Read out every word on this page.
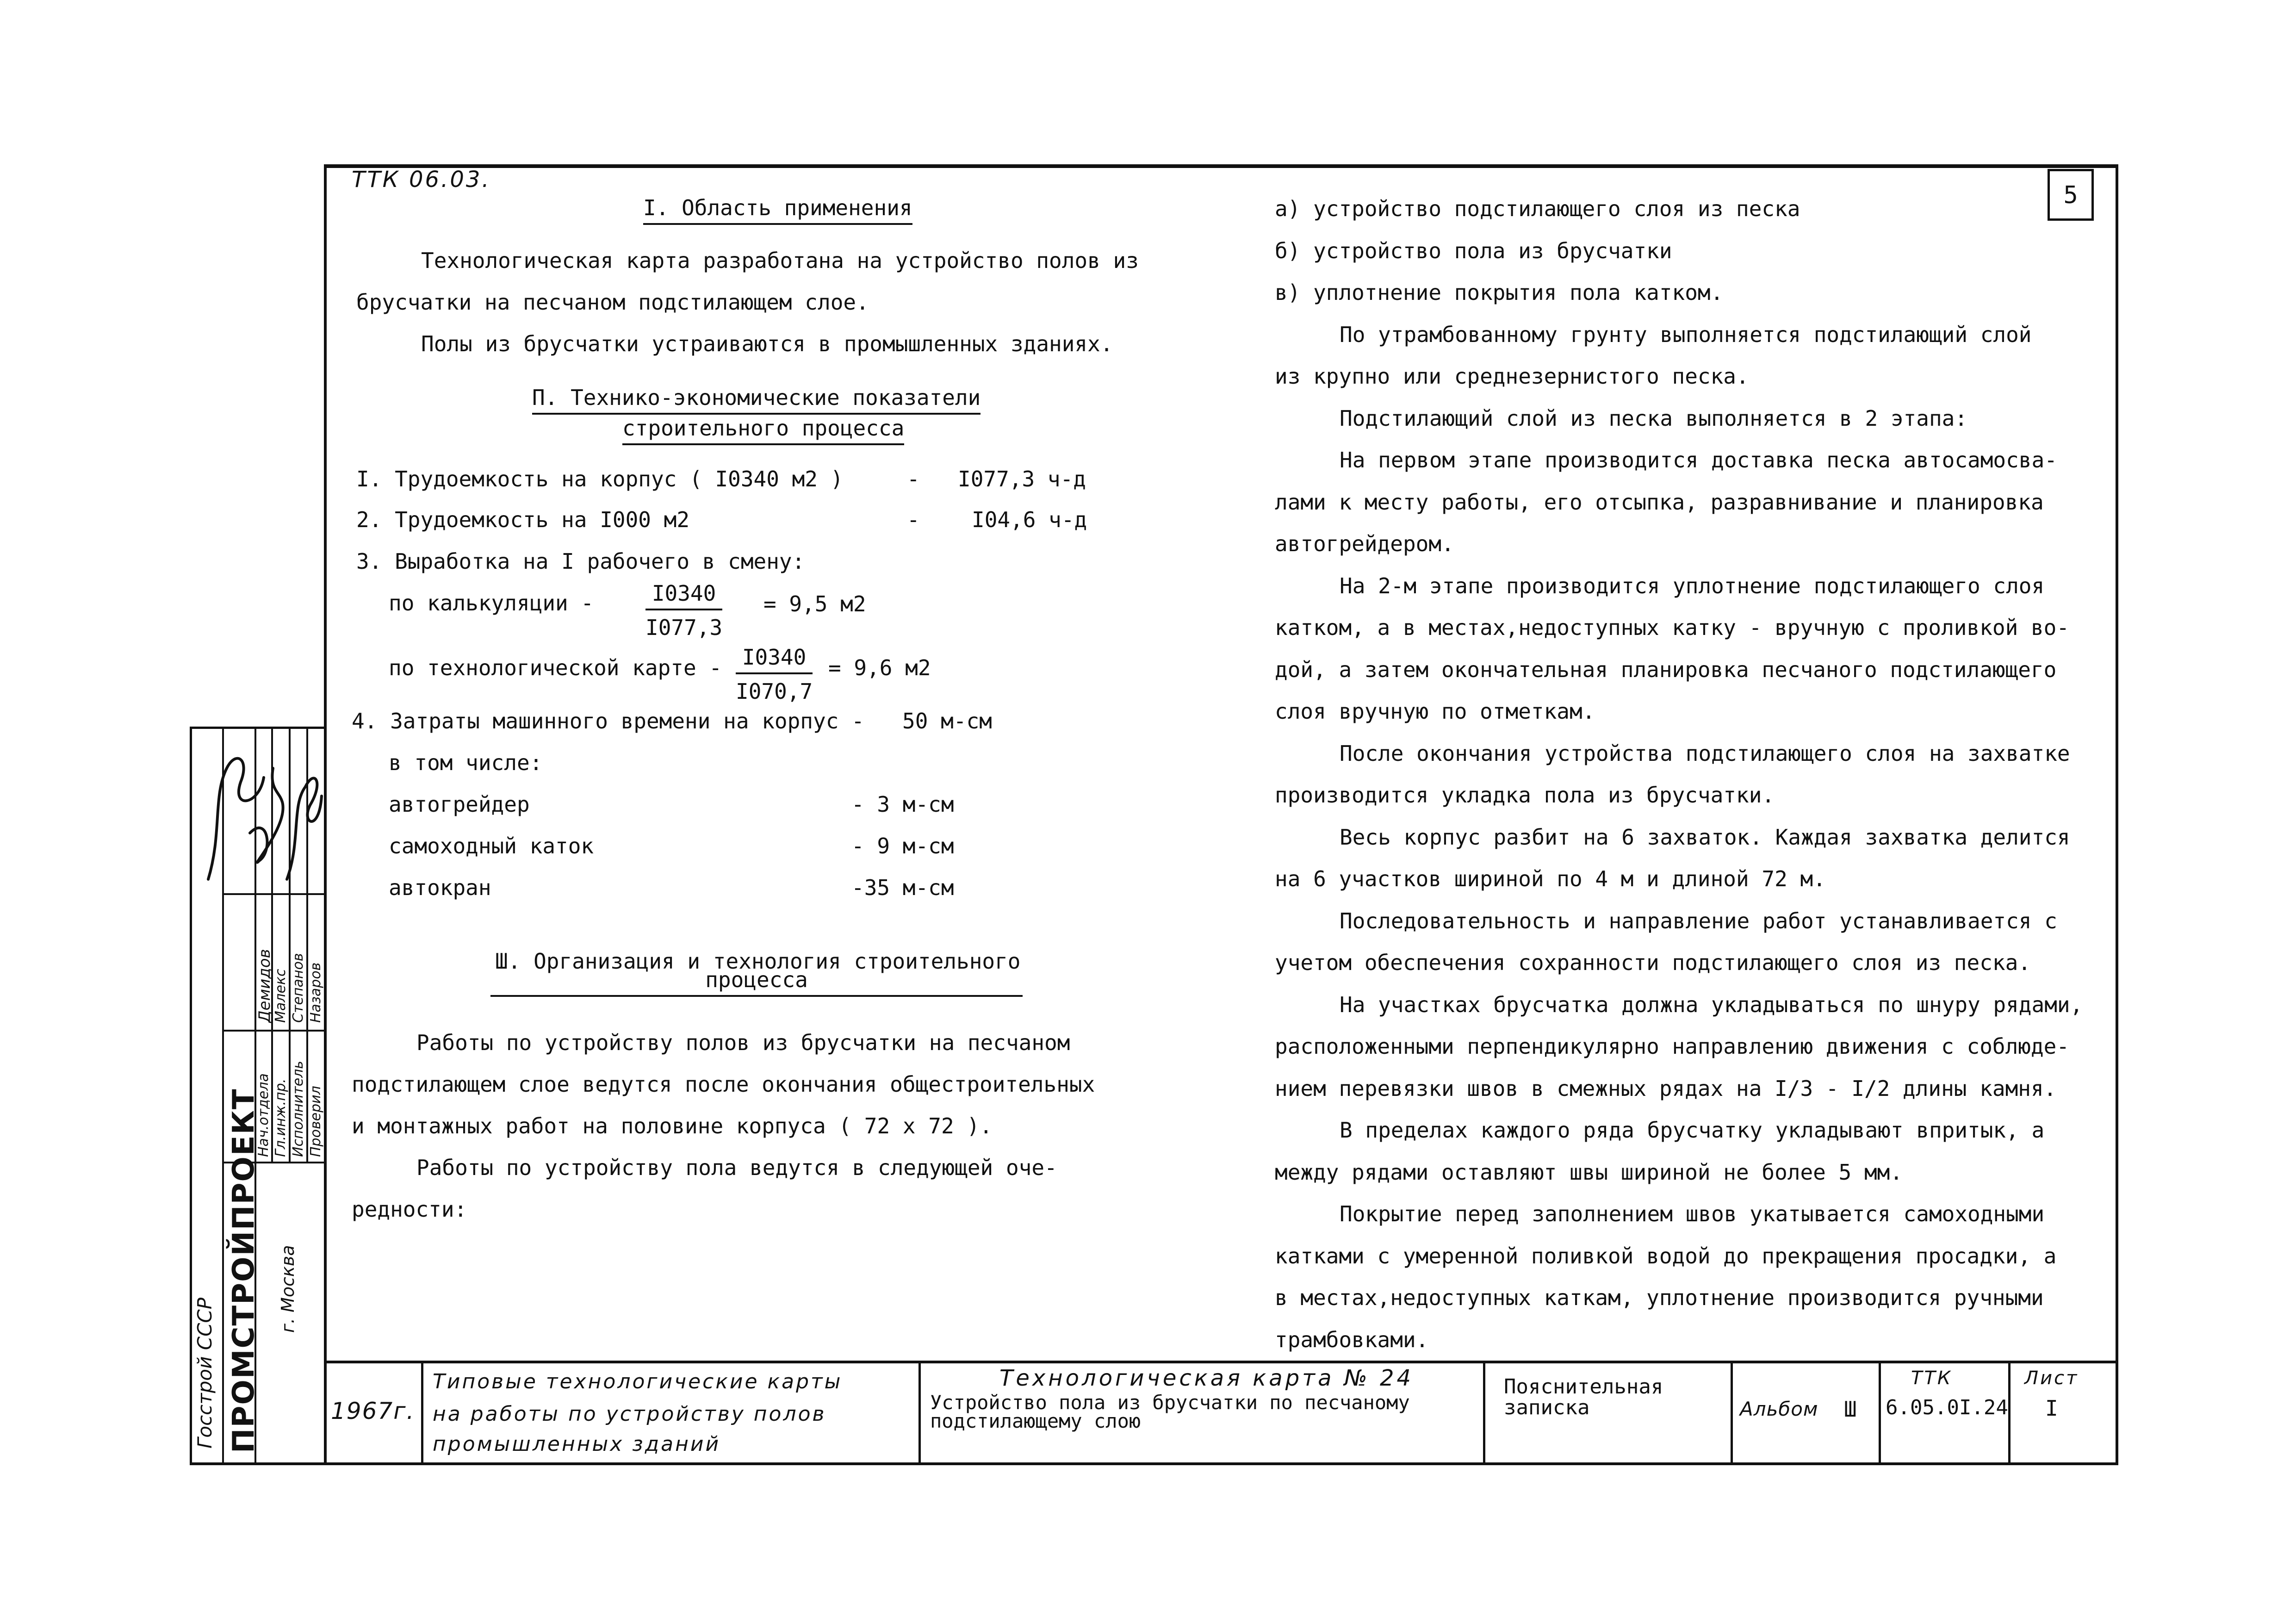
ТТК 06.03.
5
I. Область применения
Технологическая карта разработана на устройство полов из
брусчатки на песчаном подстилающем слое.
Полы из брусчатки устраиваются в промышленных зданиях.
П. Технико-экономические показатели
строительного процесса
I. Трудоемкость на корпус ( I0340 м2 )	- I077,3 ч-д
2. Трудоемкость на I000 м2	- I04,6 ч-д
3. Выработка на I рабочего в смену:
по калькуляции - $\frac{I0340}{I077,3} = 9,5$ м2
по технологической карте - $\frac{I0340}{I070,7} = 9,6$ м2
4. Затраты машинного времени на корпус - 50 м-см
в том числе:
автогрейдер	- 3 м-см
самоходный каток	- 9 м-см
автокран	-35 м-см
Ш. Организация и технология строительного
процесса
Работы по устройству полов из брусчатки на песчаном
подстилающем слое ведутся после окончания общестроительных
и монтажных работ на половине корпуса ( 72 х 72 ).
Работы по устройству пола ведутся в следующей оче-
редности:
а) устройство подстилающего слоя из песка
б) устройство пола из брусчатки
в) уплотнение покрытия пола катком.
По утрамбованному грунту выполняется подстилающий слой
из крупно или среднезернистого песка.
Подстилающий слой из песка выполняется в 2 этапа:
На первом этапе производится доставка песка автосамосва-
лами к месту работы, его отсыпка, разравнивание и планировка
автогрейдером.
На 2-м этапе производится уплотнение подстилающего слоя
катком, а в местах,недоступных катку - вручную с проливкой во-
дой, а затем окончательная планировка песчаного подстилающего
слоя вручную по отметкам.
После окончания устройства подстилающего слоя на захватке
производится укладка пола из брусчатки.
Весь корпус разбит на 6 захваток. Каждая захватка делится
на 6 участков шириной по 4 м и длиной 72 м.
Последовательность и направление работ устанавливается с
учетом обеспечения сохранности подстилающего слоя из песка.
На участках брусчатка должна укладываться по шнуру рядами,
расположенными перпендикулярно направлению движения с соблюде-
нием перевязки швов в смежных рядах на I/3 - I/2 длины камня.
В пределах каждого ряда брусчатку укладывают впритык, а
между рядами оставляют швы шириной не более 5 мм.
Покрытие перед заполнением швов укатывается самоходными
катками с умеренной поливкой водой до прекращения просадки, а
в местах,недоступных каткам, уплотнение производится ручными
трамбовками.
Госстрой СССР ПРОМСТРОЙПРОЕКТ г. Москва
Нач.отдела Гл.инж.пр. Исполнитель Проверил
Демидов
Малекс Степанов Назаров
1967г.
Типовые технологические карты
на работы по устройству полов
промышленных зданий
Технологическая карта № 24
Устройство пола из брусчатки по песчаному
подстилающему слою
Пояснительная
записка	Альбом Ш
ТТК
6.05.0I.24
Лист
I
